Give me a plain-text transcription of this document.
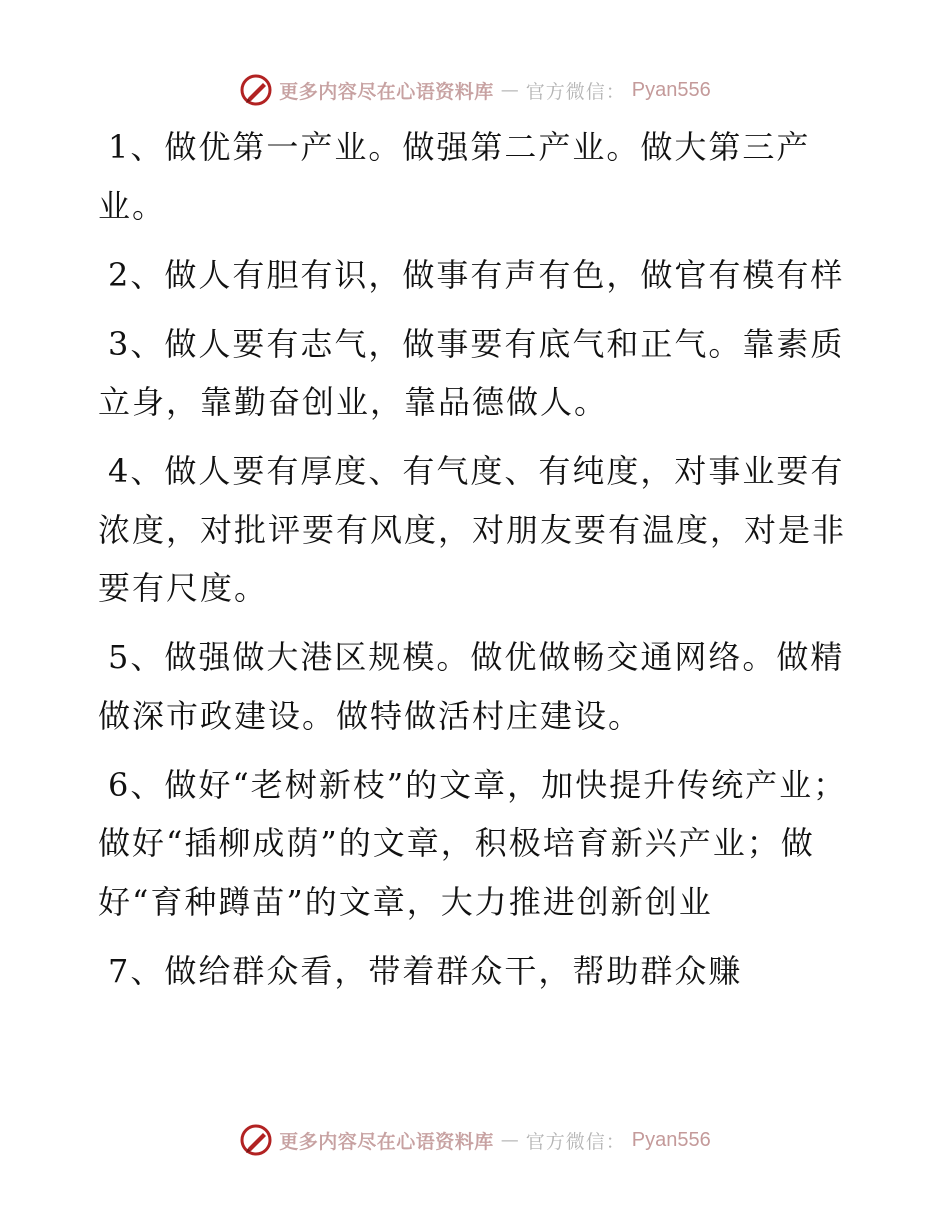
更多内容尽在心语资料库 — 官方微信： Pyan556

1、做优第一产业。做强第二产业。做大第三产业。

2、做人有胆有识，做事有声有色，做官有模有样

3、做人要有志气，做事要有底气和正气。靠素质立身，靠勤奋创业，靠品德做人。

4、做人要有厚度、有气度、有纯度，对事业要有浓度，对批评要有风度，对朋友要有温度，对是非要有尺度。

5、做强做大港区规模。做优做畅交通网络。做精做深市政建设。做特做活村庄建设。

6、做好“老树新枝”的文章，加快提升传统产业；做好“插柳成荫”的文章，积极培育新兴产业；做好“育种蹲苗”的文章，大力推进创新创业

7、做给群众看，带着群众干，帮助群众赚

更多内容尽在心语资料库 — 官方微信： Pyan556
